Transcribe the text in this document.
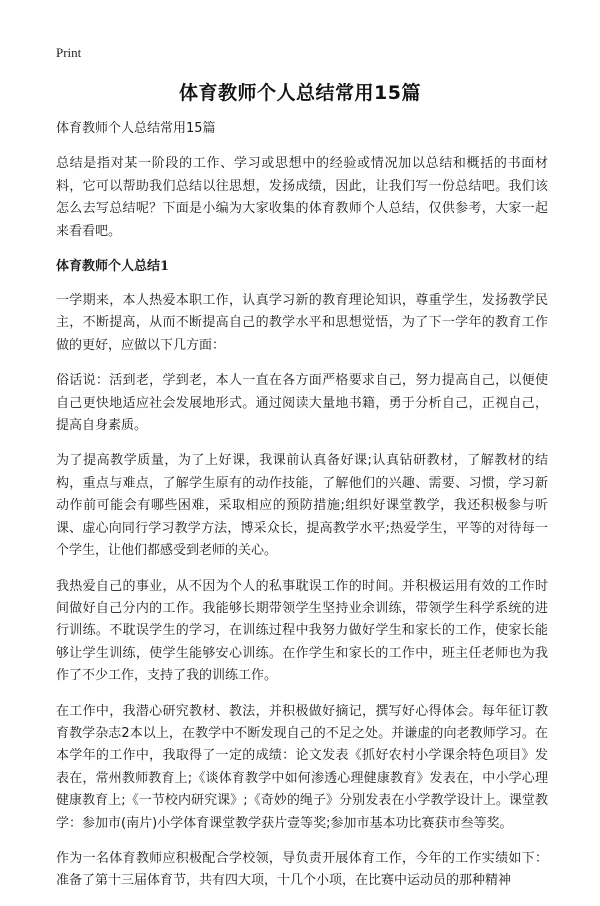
Print
体育教师个人总结常用15篇

体育教师个人总结常用15篇

总结是指对某一阶段的工作、学习或思想中的经验或情况加以总结和概括的书面材料，它可以帮助我们总结以往思想，发扬成绩，因此，让我们写一份总结吧。我们该怎么去写总结呢？下面是小编为大家收集的体育教师个人总结，仅供参考，大家一起来看看吧。

体育教师个人总结1

一学期来，本人热爱本职工作，认真学习新的教育理论知识，尊重学生，发扬教学民主，不断提高，从而不断提高自己的教学水平和思想觉悟，为了下一学年的教育工作做的更好，应做以下几方面：

俗话说：活到老，学到老，本人一直在各方面严格要求自己，努力提高自己，以便使自己更快地适应社会发展地形式。通过阅读大量地书籍，勇于分析自己，正视自己，提高自身素质。

为了提高教学质量，为了上好课，我课前认真备好课;认真钻研教材，了解教材的结构，重点与难点，了解学生原有的动作技能，了解他们的兴趣、需要、习惯，学习新动作前可能会有哪些困难，采取相应的预防措施;组织好课堂教学，我还积极参与听课、虚心向同行学习教学方法，博采众长，提高教学水平;热爱学生，平等的对待每一个学生，让他们都感受到老师的关心。

我热爱自己的事业，从不因为个人的私事耽误工作的时间。并积极运用有效的工作时间做好自己分内的工作。我能够长期带领学生坚持业余训练，带领学生科学系统的进行训练。不耽误学生的学习，在训练过程中我努力做好学生和家长的工作，使家长能够让学生训练，使学生能够安心训练。在作学生和家长的工作中，班主任老师也为我作了不少工作，支持了我的训练工作。

在工作中，我潜心研究教材、教法，并积极做好摘记，撰写好心得体会。每年征订教育教学杂志2本以上，在教学中不断发现自己的不足之处。并谦虚的向老教师学习。在本学年的工作中，我取得了一定的成绩：论文发表《抓好农村小学课余特色项目》发表在，常州教师教育上;《谈体育教学中如何渗透心理健康教育》发表在，中小学心理健康教育上;《一节校内研究课》;《奇妙的绳子》分别发表在小学教学设计上。课堂教学：参加市(南片)小学体育课堂教学获片壹等奖;参加市基本功比赛获市叁等奖。

作为一名体育教师应积极配合学校领，导负责开展体育工作，今年的工作实绩如下：准备了第十三届体育节，共有四大项，十几个小项，在比赛中运动员的那种精神
